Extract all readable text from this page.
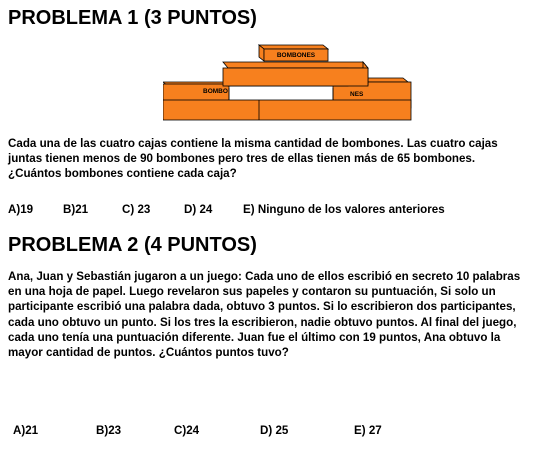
PROBLEMA 1 (3 PUNTOS)
BOMBONES
BOMBO	NES

Cada una de las cuatro cajas contiene la misma cantidad de bombones. Las cuatro cajas juntas tienen menos de 90 bombones pero tres de ellas tienen más de 65 bombones. ¿Cuántos bombones contiene cada caja?

A)19	B)21	C) 23	D) 24	E) Ninguno de los valores anteriores
PROBLEMA 2 (4 PUNTOS)

Ana, Juan y Sebastián jugaron a un juego: Cada uno de ellos escribió en secreto 10 palabras en una hoja de papel. Luego revelaron sus papeles y contaron su puntuación, Si solo un participante escribió una palabra dada, obtuvo 3 puntos. Si lo escribieron dos participantes, cada uno obtuvo un punto. Si los tres la escribieron, nadie obtuvo puntos. Al final del juego, cada uno tenía una puntuación diferente. Juan fue el último con 19 puntos, Ana obtuvo la mayor cantidad de puntos. ¿Cuántos puntos tuvo?

A)21	B)23	C)24	D) 25	E) 27
